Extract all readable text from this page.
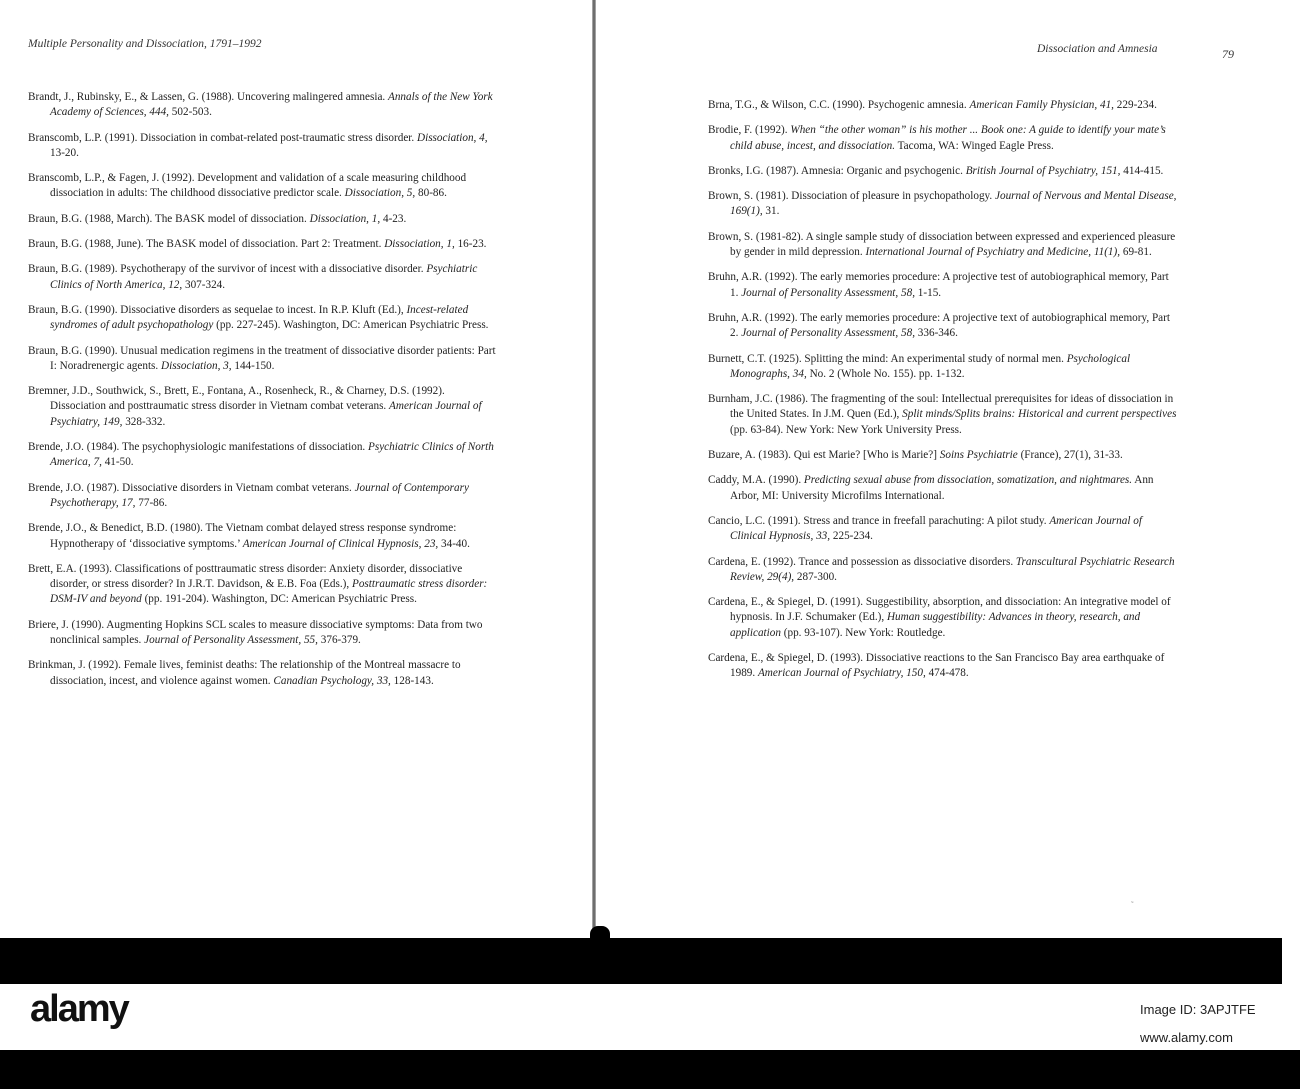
Multiple Personality and Dissociation, 1791–1992

Brandt, J., Rubinsky, E., & Lassen, G. (1988). Uncovering malingered amnesia. Annals of the New York Academy of Sciences, 444, 502-503.

Branscomb, L.P. (1991). Dissociation in combat-related post-traumatic stress disorder. Dissociation, 4, 13-20.

Branscomb, L.P., & Fagen, J. (1992). Development and validation of a scale measuring childhood dissociation in adults: The childhood dissociative predictor scale. Dissociation, 5, 80-86.

Braun, B.G. (1988, March). The BASK model of dissociation. Dissociation, 1, 4-23.

Braun, B.G. (1988, June). The BASK model of dissociation. Part 2: Treatment. Dissociation, 1, 16-23.

Braun, B.G. (1989). Psychotherapy of the survivor of incest with a dissociative disorder. Psychiatric Clinics of North America, 12, 307-324.

Braun, B.G. (1990). Dissociative disorders as sequelae to incest. In R.P. Kluft (Ed.), Incest-related syndromes of adult psychopathology (pp. 227-245). Washington, DC: American Psychiatric Press.

Braun, B.G. (1990). Unusual medication regimens in the treatment of dissociative disorder patients: Part I: Noradrenergic agents. Dissociation, 3, 144-150.

Bremner, J.D., Southwick, S., Brett, E., Fontana, A., Rosenheck, R., & Charney, D.S. (1992). Dissociation and posttraumatic stress disorder in Vietnam combat veterans. American Journal of Psychiatry, 149, 328-332.

Brende, J.O. (1984). The psychophysiologic manifestations of dissociation. Psychiatric Clinics of North America, 7, 41-50.

Brende, J.O. (1987). Dissociative disorders in Vietnam combat veterans. Journal of Contemporary Psychotherapy, 17, 77-86.

Brende, J.O., & Benedict, B.D. (1980). The Vietnam combat delayed stress response syndrome: Hypnotherapy of ‘dissociative symptoms.’ American Journal of Clinical Hypnosis, 23, 34-40.

Brett, E.A. (1993). Classifications of posttraumatic stress disorder: Anxiety disorder, dissociative disorder, or stress disorder? In J.R.T. Davidson, & E.B. Foa (Eds.), Posttraumatic stress disorder: DSM-IV and beyond (pp. 191-204). Washington, DC: American Psychiatric Press.

Briere, J. (1990). Augmenting Hopkins SCL scales to measure dissociative symptoms: Data from two nonclinical samples. Journal of Personality Assessment, 55, 376-379.

Brinkman, J. (1992). Female lives, feminist deaths: The relationship of the Montreal massacre to dissociation, incest, and violence against women. Canadian Psychology, 33, 128-143.

Dissociation and Amnesia	79

Brna, T.G., & Wilson, C.C. (1990). Psychogenic amnesia. American Family Physician, 41, 229-234.

Brodie, F. (1992). When “the other woman” is his mother ... Book one: A guide to identify your mate’s child abuse, incest, and dissociation. Tacoma, WA: Winged Eagle Press.

Bronks, I.G. (1987). Amnesia: Organic and psychogenic. British Journal of Psychiatry, 151, 414-415.

Brown, S. (1981). Dissociation of pleasure in psychopathology. Journal of Nervous and Mental Disease, 169(1), 31.

Brown, S. (1981-82). A single sample study of dissociation between expressed and experienced pleasure by gender in mild depression. International Journal of Psychiatry and Medicine, 11(1), 69-81.

Bruhn, A.R. (1992). The early memories procedure: A projective test of autobiographical memory, Part 1. Journal of Personality Assessment, 58, 1-15.

Bruhn, A.R. (1992). The early memories procedure: A projective text of autobiographical memory, Part 2. Journal of Personality Assessment, 58, 336-346.

Burnett, C.T. (1925). Splitting the mind: An experimental study of normal men. Psychological Monographs, 34, No. 2 (Whole No. 155). pp. 1-132.

Burnham, J.C. (1986). The fragmenting of the soul: Intellectual prerequisites for ideas of dissociation in the United States. In J.M. Quen (Ed.), Split minds/Splits brains: Historical and current perspectives (pp. 63-84). New York: New York University Press.

Buzare, A. (1983). Qui est Marie? [Who is Marie?] Soins Psychiatrie (France), 27(1), 31-33.

Caddy, M.A. (1990). Predicting sexual abuse from dissociation, somatization, and nightmares. Ann Arbor, MI: University Microfilms International.

Cancio, L.C. (1991). Stress and trance in freefall parachuting: A pilot study. American Journal of Clinical Hypnosis, 33, 225-234.

Cardena, E. (1992). Trance and possession as dissociative disorders. Transcultural Psychiatric Research Review, 29(4), 287-300.

Cardena, E., & Spiegel, D. (1991). Suggestibility, absorption, and dissociation: An integrative model of hypnosis. In J.F. Schumaker (Ed.), Human suggestibility: Advances in theory, research, and application (pp. 93-107). New York: Routledge.

Cardena, E., & Spiegel, D. (1993). Dissociative reactions to the San Francisco Bay area earthquake of 1989. American Journal of Psychiatry, 150, 474-478.

˜
alamy	Image ID: 3APJTFE
www.alamy.com
